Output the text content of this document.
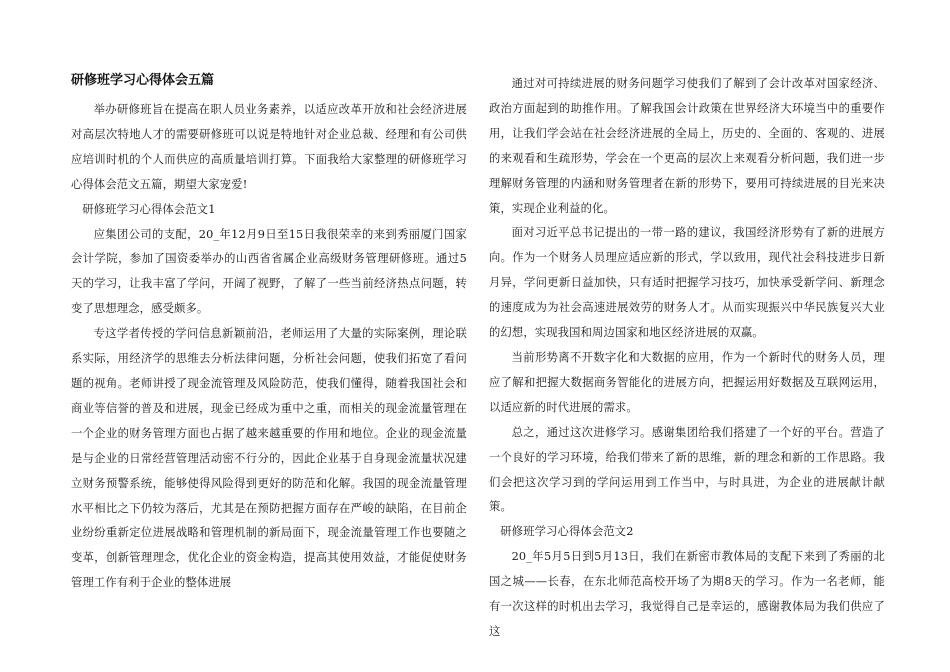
研修班学习心得体会五篇

举办研修班旨在提高在职人员业务素养，以适应改革开放和社会经济进展对高层次特地人才的需要研修班可以说是特地针对企业总裁、经理和有公司供应培训时机的个人而供应的高质量培训打算。下面我给大家整理的研修班学习心得体会范文五篇，期望大家宠爱!

研修班学习心得体会范文1

应集团公司的支配，20_年12月9日至15日我很荣幸的来到秀丽厦门国家会计学院，参加了国资委举办的山西省省属企业高级财务管理研修班。通过5天的学习，让我丰富了学问，开阔了视野，了解了一些当前经济热点问题，转变了思想理念，感受颇多。

专这学者传授的学问信息新颖前沿，老师运用了大量的实际案例，理论联系实际，用经济学的思维去分析法律问题，分析社会问题，使我们拓宽了看问题的视角。老师讲授了现金流管理及风险防范，使我们懂得，随着我国社会和商业等信誉的普及和进展，现金已经成为重中之重，而相关的现金流量管理在一个企业的财务管理方面也占据了越来越重要的作用和地位。企业的现金流量是与企业的日常经营管理活动密不行分的，因此企业基于自身现金流量状况建立财务预警系统，能够使得风险得到更好的防范和化解。我国的现金流量管理水平相比之下仍较为落后，尤其是在预防把握方面存在严峻的缺陷，在目前企业纷纷重新定位进展战略和管理机制的新局面下，现金流量管理工作也要随之变革，创新管理理念，优化企业的资金构造，提高其使用效益，才能促使财务管理工作有利于企业的整体进展

通过对可持续进展的财务问题学习使我们了解到了会计改革对国家经济、政治方面起到的助推作用。了解我国会计政策在世界经济大环境当中的重要作用，让我们学会站在社会经济进展的全局上，历史的、全面的、客观的、进展的来观看和生疏形势，学会在一个更高的层次上来观看分析问题，我们进一步理解财务管理的内涵和财务管理者在新的形势下，要用可持续进展的目光来决策，实现企业利益的化。

面对习近平总书记提出的一带一路的建议，我国经济形势有了新的进展方向。作为一个财务人员理应适应新的形式，学以致用，现代社会科技进步日新月异，学问更新日益加快，只有适时把握学习技巧，加快承受新学问、新理念的速度成为为社会高速进展效劳的财务人才。从而实现振兴中华民族复兴大业的幻想，实现我国和周边国家和地区经济进展的双赢。

当前形势离不开数字化和大数据的应用，作为一个新时代的财务人员，理应了解和把握大数据商务智能化的进展方向，把握运用好数据及互联网运用，以适应新的时代进展的需求。

总之，通过这次进修学习。感谢集团给我们搭建了一个好的平台。营造了一个良好的学习环境，给我们带来了新的思维，新的理念和新的工作思路。我们会把这次学习到的学问运用到工作当中，与时具进，为企业的进展献计献策。

研修班学习心得体会范文2

20_年5月5日到5月13日，我们在新密市教体局的支配下来到了秀丽的北国之城——长春，在东北师范高校开场了为期8天的学习。作为一名老师，能有一次这样的时机出去学习，我觉得自己是幸运的，感谢教体局为我们供应了这
